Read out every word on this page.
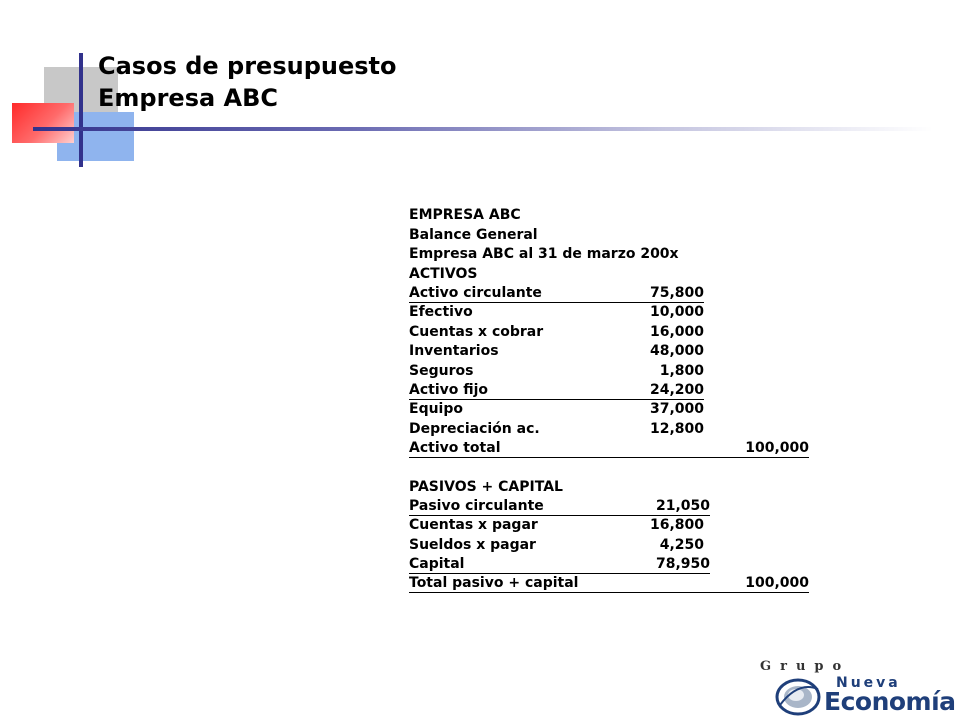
Casos de presupuesto
Empresa ABC
EMPRESA ABC
Balance General
Empresa ABC al 31 de marzo 200x
ACTIVOS
Activo circulante	75,800
Efectivo	10,000
Cuentas x cobrar	16,000
Inventarios	48,000
Seguros	1,800
Activo fijo	24,200
Equipo	37,000
Depreciación ac.	12,800
Activo total	100,000
PASIVOS + CAPITAL
Pasivo circulante	21,050
Cuentas x pagar	16,800
Sueldos x pagar	4,250
Capital	78,950
Total pasivo + capital	100,000
Grupo
Nueva
Economía
